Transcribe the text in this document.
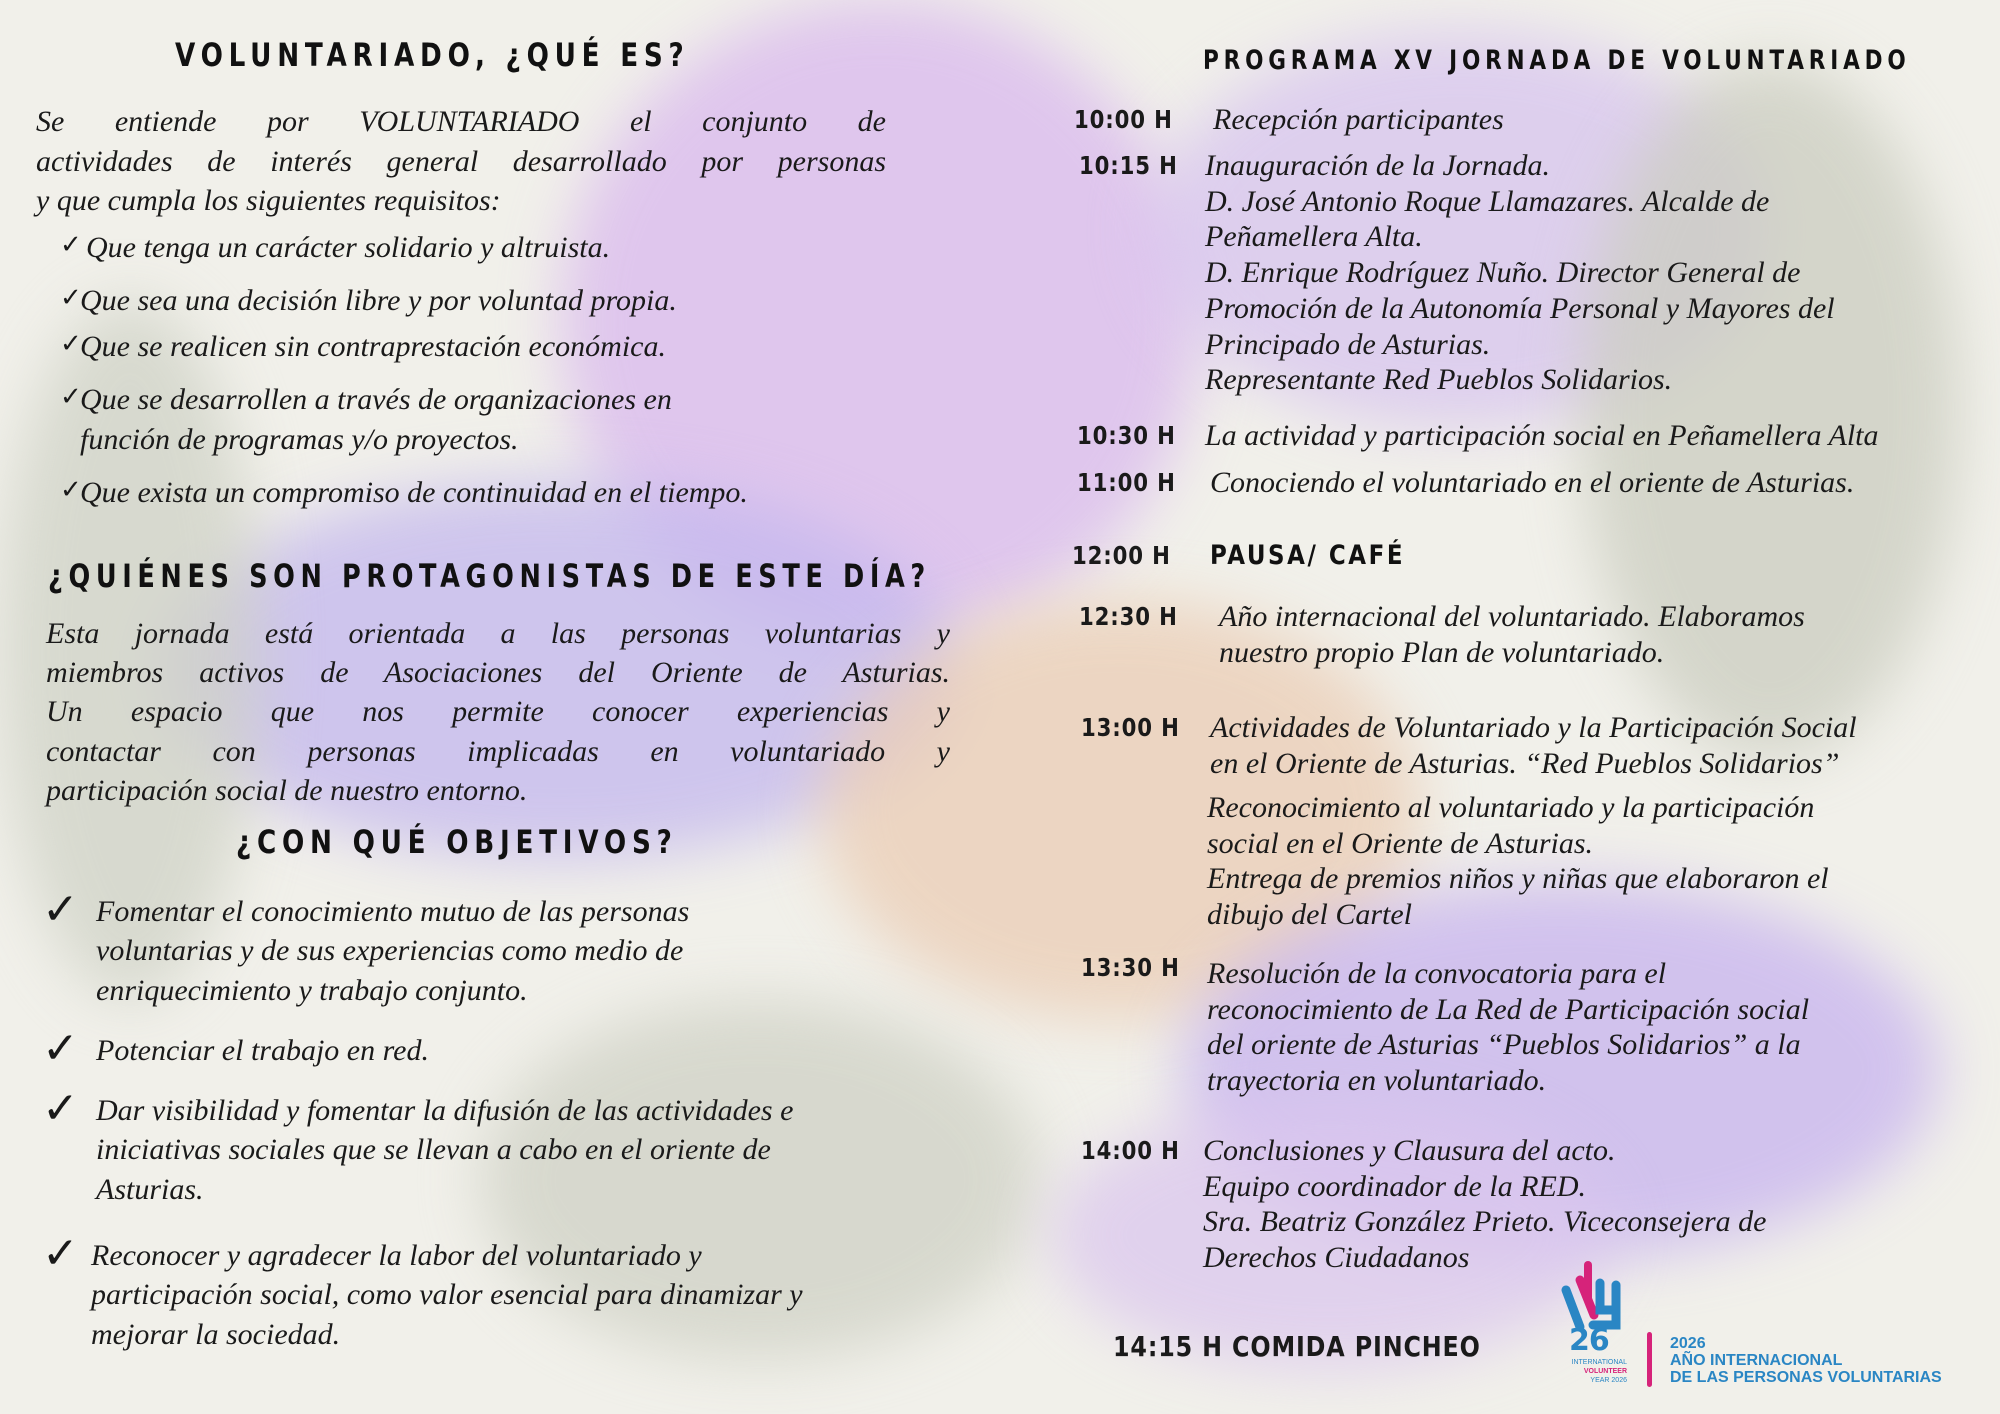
VOLUNTARIADO, ¿QUÉ ES?
Se entiende por VOLUNTARIADO el conjunto de
actividades de interés general desarrollado por personas
y que cumpla los siguientes requisitos:
✓ Que tenga un carácter solidario y altruista.
✓
Que sea una decisión libre y por voluntad propia.
✓
Que se realicen sin contraprestación económica.
✓
Que se desarrollen a través de organizaciones en
función de programas y/o proyectos.
✓
Que exista un compromiso de continuidad en el tiempo.
¿QUIÉNES SON PROTAGONISTAS DE ESTE DÍA?
Esta jornada está orientada a las personas voluntarias y
miembros activos de Asociaciones del Oriente de Asturias.
Un espacio que nos permite conocer experiencias y
contactar con personas implicadas en voluntariado y
participación social de nuestro entorno.
¿CON QUÉ OBJETIVOS?
✓ Fomentar el conocimiento mutuo de las personas
voluntarias y de sus experiencias como medio de
enriquecimiento y trabajo conjunto.
✓ Potenciar el trabajo en red.
✓ Dar visibilidad y fomentar la difusión de las actividades e
iniciativas sociales que se llevan a cabo en el oriente de
Asturias.
✓ Reconocer y agradecer la labor del voluntariado y
participación social, como valor esencial para dinamizar y
mejorar la sociedad.
PROGRAMA XV JORNADA DE VOLUNTARIADO
10:00 H Recepción participantes
10:15 H Inauguración de la Jornada.
D. José Antonio Roque Llamazares. Alcalde de
Peñamellera Alta.
D. Enrique Rodríguez Nuño. Director General de
Promoción de la Autonomía Personal y Mayores del
Principado de Asturias.
Representante Red Pueblos Solidarios.
10:30 H La actividad y participación social en Peñamellera Alta
11:00 H Conociendo el voluntariado en el oriente de Asturias.
12:00 H PAUSA/ CAFÉ
12:30 H Año internacional del voluntariado. Elaboramos
nuestro propio Plan de voluntariado.
13:00 H Actividades de Voluntariado y la Participación Social
en el Oriente de Asturias. “Red Pueblos Solidarios”
Reconocimiento al voluntariado y la participación
social en el Oriente de Asturias.
Entrega de premios niños y niñas que elaboraron el
dibujo del Cartel
13:30 H Resolución de la convocatoria para el
reconocimiento de La Red de Participación social
del oriente de Asturias “Pueblos Solidarios” a la
trayectoria en voluntariado.
14:00 H Conclusiones y Clausura del acto.
Equipo coordinador de la RED.
Sra. Beatriz González Prieto. Viceconsejera de
Derechos Ciudadanos
14:15 H COMIDA PINCHEO	26
INTERNATIONAL
VOLUNTEER
YEAR 2026
2026
AÑO INTERNACIONAL
DE LAS PERSONAS VOLUNTARIAS
